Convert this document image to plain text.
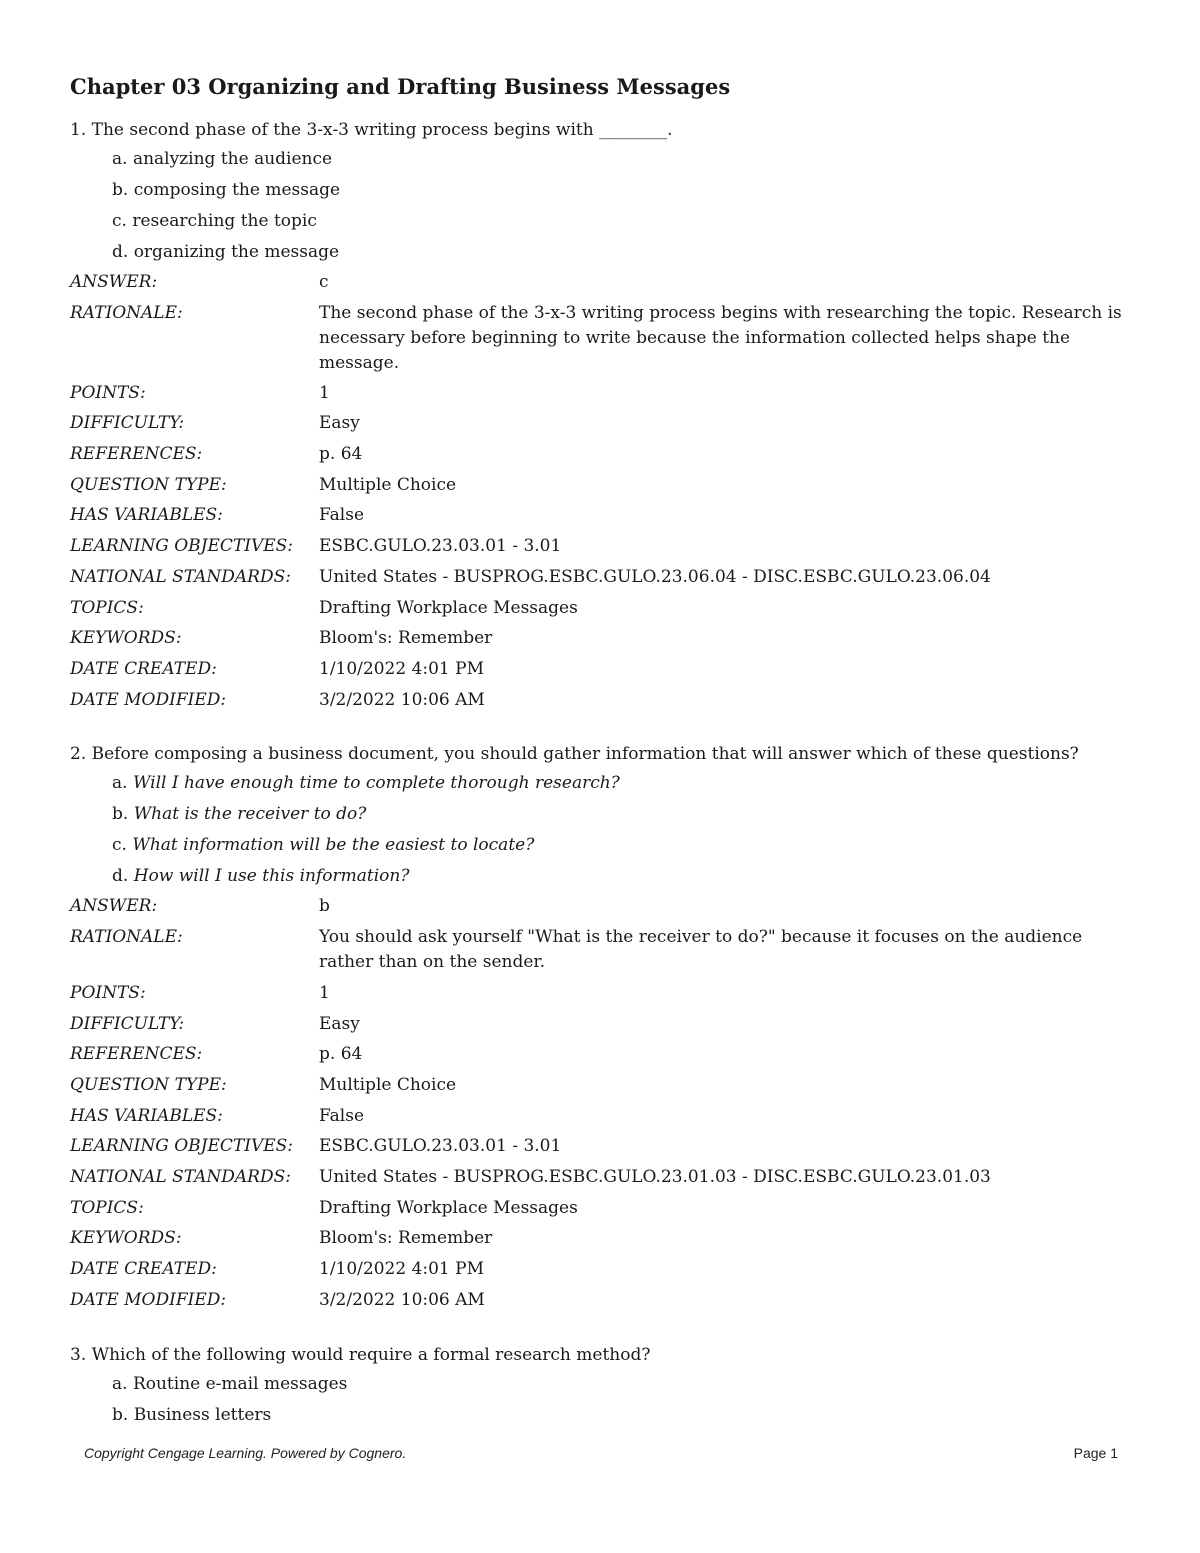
Chapter 03 Organizing and Drafting Business Messages
1. The second phase of the 3-x-3 writing process begins with ________.
a. analyzing the audience
b. composing the message
c. researching the topic
d. organizing the message
ANSWER:	c
RATIONALE:	The second phase of the 3-x-3 writing process begins with researching the topic. Research is necessary before beginning to write because the information collected helps shape the message.
POINTS:	1
DIFFICULTY:	Easy
REFERENCES:	p. 64
QUESTION TYPE:	Multiple Choice
HAS VARIABLES:	False
LEARNING OBJECTIVES:	ESBC.GULO.23.03.01 - 3.01
NATIONAL STANDARDS:	United States - BUSPROG.ESBC.GULO.23.06.04 - DISC.ESBC.GULO.23.06.04
TOPICS:	Drafting Workplace Messages
KEYWORDS:	Bloom's: Remember
DATE CREATED:	1/10/2022 4:01 PM
DATE MODIFIED:	3/2/2022 10:06 AM
2. Before composing a business document, you should gather information that will answer which of these questions?
a. Will I have enough time to complete thorough research?
b. What is the receiver to do?
c. What information will be the easiest to locate?
d. How will I use this information?
ANSWER:	b
RATIONALE:	You should ask yourself "What is the receiver to do?" because it focuses on the audience rather than on the sender.
POINTS:	1
DIFFICULTY:	Easy
REFERENCES:	p. 64
QUESTION TYPE:	Multiple Choice
HAS VARIABLES:	False
LEARNING OBJECTIVES:	ESBC.GULO.23.03.01 - 3.01
NATIONAL STANDARDS:	United States - BUSPROG.ESBC.GULO.23.01.03 - DISC.ESBC.GULO.23.01.03
TOPICS:	Drafting Workplace Messages
KEYWORDS:	Bloom's: Remember
DATE CREATED:	1/10/2022 4:01 PM
DATE MODIFIED:	3/2/2022 10:06 AM
3. Which of the following would require a formal research method?
a. Routine e-mail messages
b. Business letters
Copyright Cengage Learning. Powered by Cognero.	Page 1
